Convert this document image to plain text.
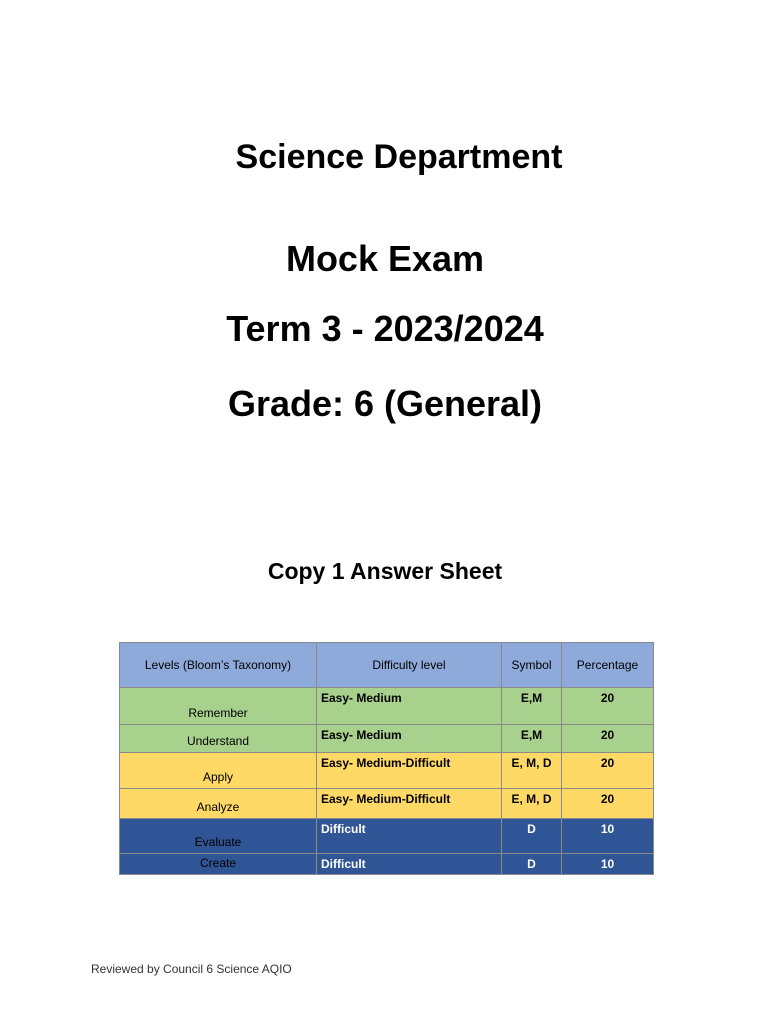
Science Department
Mock Exam
Term 3 - 2023/2024
Grade: 6 (General)
Copy 1 Answer Sheet
Levels (Bloom’s Taxonomy)	Difficulty level	Symbol	Percentage
Remember	Easy- Medium	E,M	20
Understand	Easy- Medium	E,M	20
Apply	Easy- Medium-Difficult	E, M, D	20
Analyze	Easy- Medium-Difficult	E, M, D	20
Evaluate	Difficult	D	10
Create	Difficult	D	10
Reviewed by Council 6 Science AQIO
